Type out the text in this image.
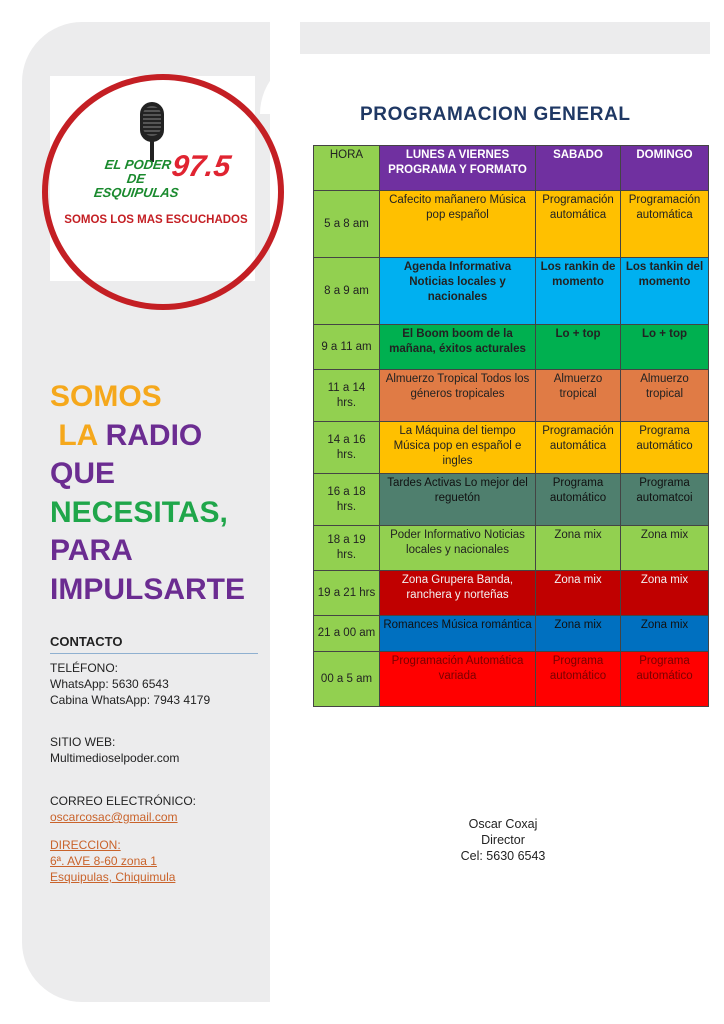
EL PODER DE ESQUIPULAS
97.5
SOMOS LOS MAS ESCUCHADOS
SOMOS
LA RADIO
QUE
NECESITAS,
PARA
IMPULSARTE
CONTACTO
TELÉFONO:
WhatsApp: 5630 6543
Cabina WhatsApp: 7943 4179
SITIO WEB:
Multimedioselpoder.com
CORREO ELECTRÓNICO:
oscarcosac@gmail.com
DIRECCION:
6ª. AVE 8-60 zona 1
Esquipulas, Chiquimula
PROGRAMACION GENERAL
HORA	LUNES A VIERNES PROGRAMA Y FORMATO	SABADO	DOMINGO
5 a 8 am	Cafecito mañanero Música pop español	Programación automática	Programación automática
8 a 9 am	Agenda Informativa Noticias locales y nacionales	Los rankin de momento	Los tankin del momento
9 a 11 am	El Boom boom de la mañana, éxitos acturales	Lo + top	Lo + top
11 a 14 hrs.	Almuerzo Tropical Todos los géneros tropicales	Almuerzo tropical	Almuerzo tropical
14 a 16 hrs.	La Máquina del tiempo Música pop en español e ingles	Programación automática	Programa automático
16 a 18 hrs.	Tardes Activas Lo mejor del reguetón	Programa automático	Programa automatcoi
18 a 19 hrs.	Poder Informativo Noticias locales y nacionales	Zona mix	Zona mix
19 a 21 hrs	Zona Grupera Banda, ranchera y norteñas	Zona mix	Zona mix
21 a 00 am	Romances Música romántica	Zona mix	Zona mix
00 a 5 am	Programación Automática variada	Programa automático	Programa automático
Oscar Coxaj
Director
Cel: 5630 6543
